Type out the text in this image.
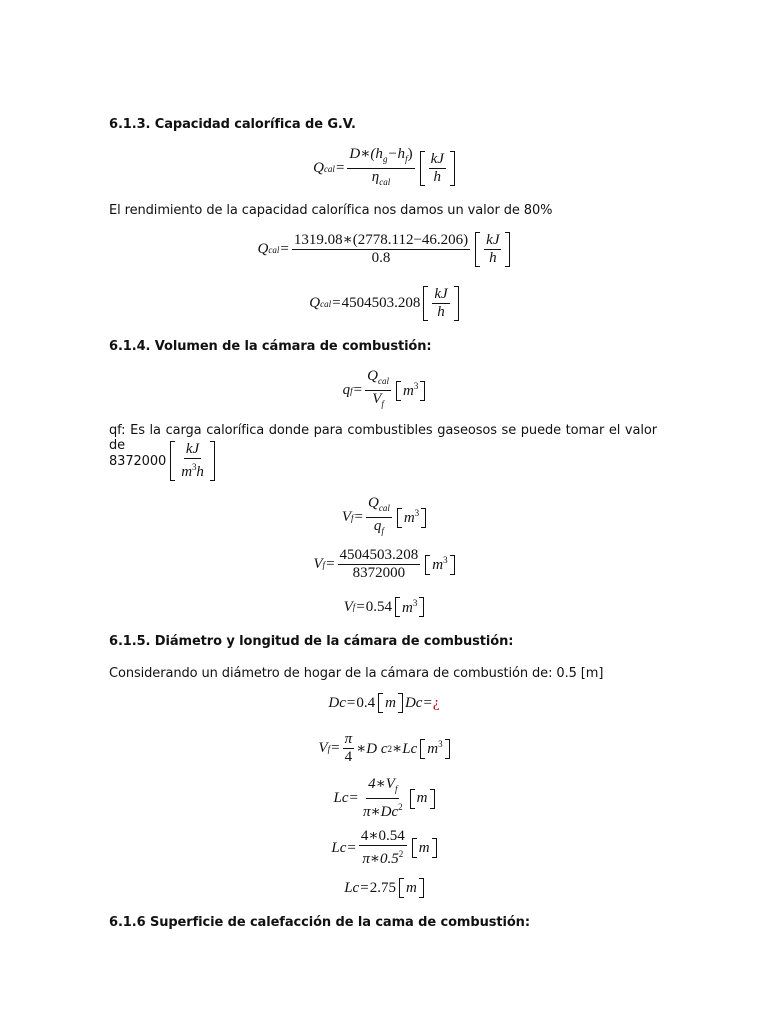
6.1.3. Capacidad calorífica de G.V.
Q cal = $\frac{D∗(h_g-h_f)}{\eta_{cal}} \frac{kJ}{h}$
El rendimiento de la capacidad calorífica nos damos un valor de 80%
Q cal = $\frac{1319.08∗(2778.112-46.206)}{0.8} \frac{kJ}{h}$
Q cal = $4504503.208 \frac{kJ}{h}$
6.1.4. Volumen de la cámara de combustión:
q $f = \frac{Q_{cal}}{V_f} m^3$
qf: Es la carga calorífica donde para combustibles gaseosos se puede tomar el valor de
$8372000 \frac{kJ}{m^3h}$
V $f = \frac{Q_{cal}}{q_f} m^3$
V $f = \frac{4504503.208}{8372000} m^3$
V f = 0.54 $m^3$
6.1.5. Diámetro y longitud de la cámara de combustión:
Considerando un diámetro de hogar de la cámara de combustión de: 0.5 [m]
Dc = 0.4 m Dc = ¿
V $f = \frac{\pi}{4}$ ∗D c 2 ∗Lc $m^3$
$Lc = \frac{4∗V_f}{\pi∗Dc^2}$ m
$Lc = \frac{4∗0.54}{\pi∗0.5^2}$ m
Lc = 2.75 m
6.1.6 Superficie de calefacción de la cama de combustión:
